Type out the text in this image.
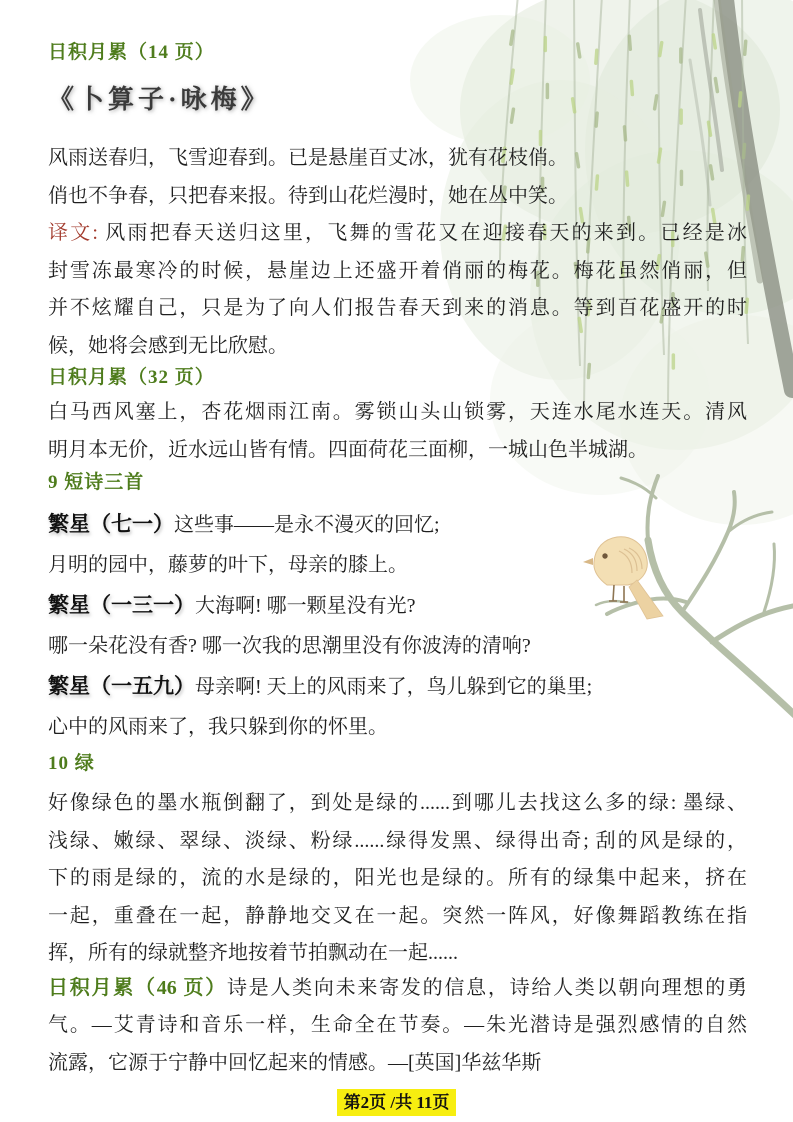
日积月累（14 页）
《卜算子·咏梅》
风雨送春归，飞雪迎春到。已是悬崖百丈冰，犹有花枝俏。
俏也不争春，只把春来报。待到山花烂漫时，她在丛中笑。
译文: 风雨把春天送归这里，飞舞的雪花又在迎接春天的来到。已经是冰
封雪冻最寒冷的时候，悬崖边上还盛开着俏丽的梅花。梅花虽然俏丽，但
并不炫耀自己，只是为了向人们报告春天到来的消息。等到百花盛开的时
候，她将会感到无比欣慰。
日积月累（32 页）
白马西风塞上，杏花烟雨江南。雾锁山头山锁雾，天连水尾水连天。清风
明月本无价，近水远山皆有情。四面荷花三面柳，一城山色半城湖。
9 短诗三首
繁星（七一）这些事——是永不漫灭的回忆;
月明的园中，藤萝的叶下，母亲的膝上。
繁星（一三一）大海啊! 哪一颗星没有光?
哪一朵花没有香? 哪一次我的思潮里没有你波涛的清响?
繁星（一五九）母亲啊! 天上的风雨来了，鸟儿躲到它的巢里;
心中的风雨来了，我只躲到你的怀里。
10 绿
好像绿色的墨水瓶倒翻了，到处是绿的......到哪儿去找这么多的绿: 墨绿、
浅绿、嫩绿、翠绿、淡绿、粉绿......绿得发黑、绿得出奇; 刮的风是绿的，
下的雨是绿的，流的水是绿的，阳光也是绿的。所有的绿集中起来，挤在
一起，重叠在一起，静静地交叉在一起。突然一阵风，好像舞蹈教练在指
挥，所有的绿就整齐地按着节拍飘动在一起......
日积月累（46 页）诗是人类向未来寄发的信息，诗给人类以朝向理想的勇
气。—艾青诗和音乐一样，生命全在节奏。—朱光潜诗是强烈感情的自然
流露，它源于宁静中回忆起来的情感。—[英国]华兹华斯
第2页 /共 11页
